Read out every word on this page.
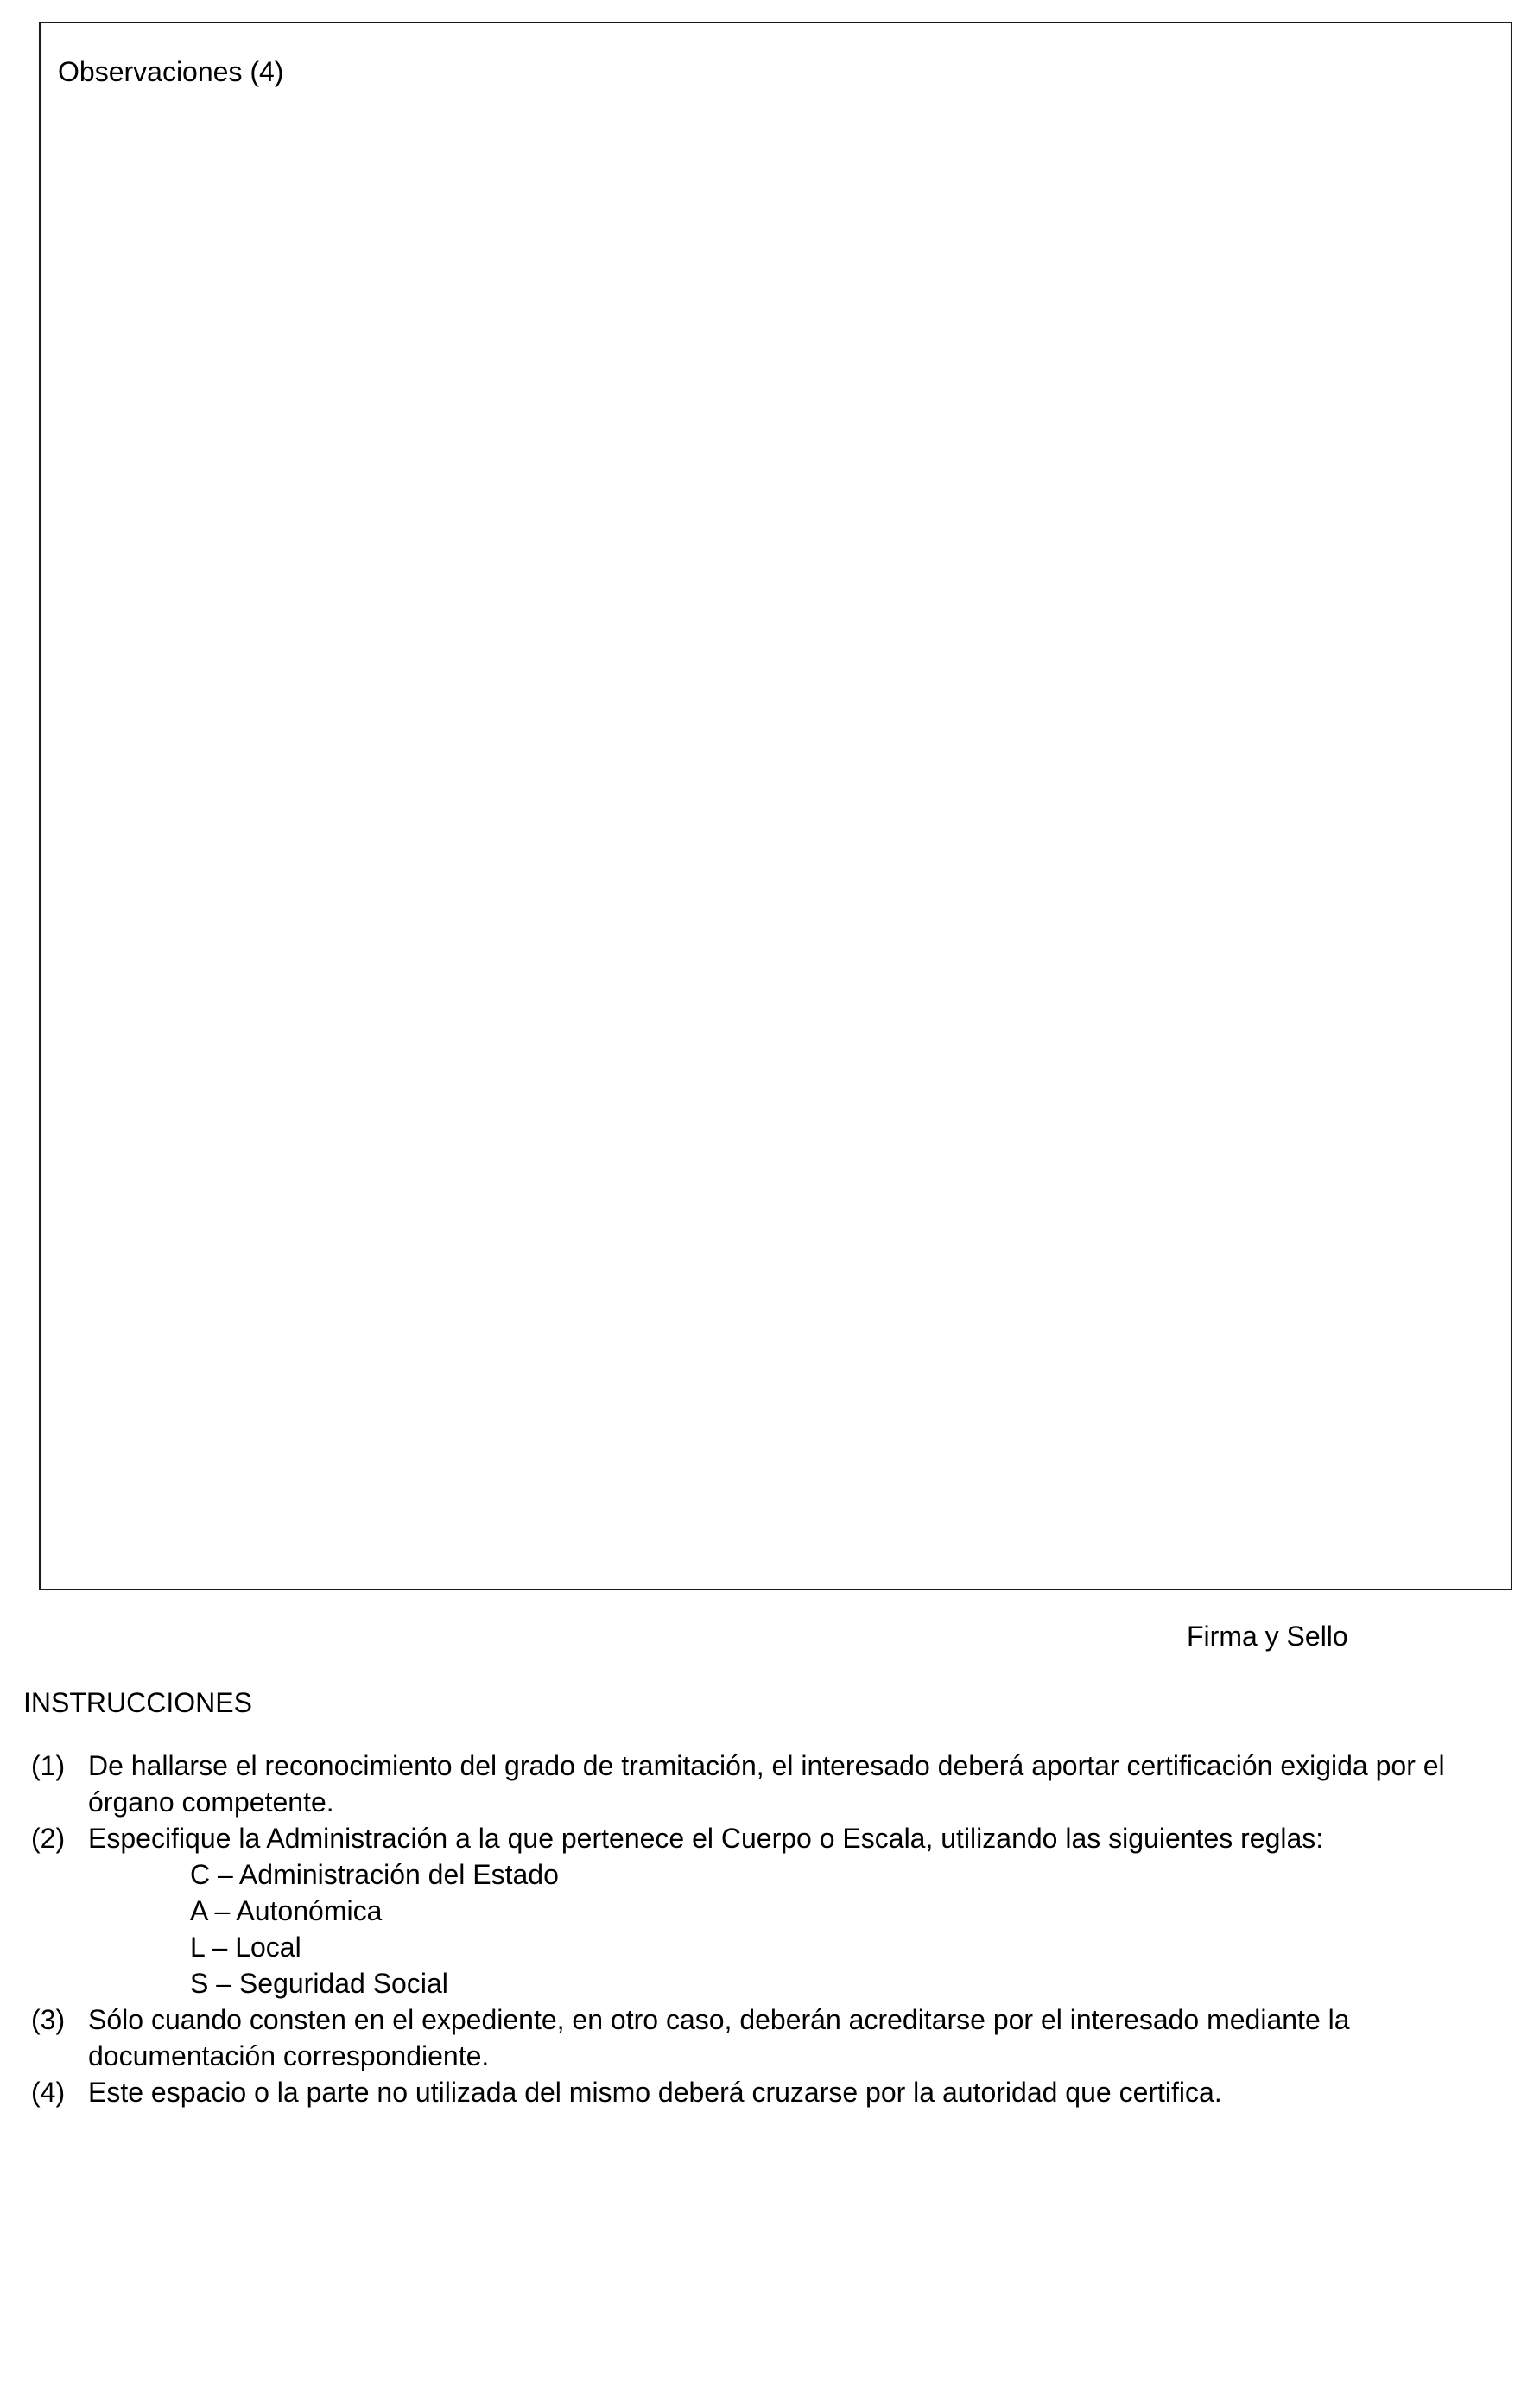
Observaciones (4)
Firma y Sello
INSTRUCCIONES
(1) De hallarse el reconocimiento del grado de tramitación, el interesado deberá aportar certificación exigida por el
órgano competente.
(2) Especifique la Administración a la que pertenece el Cuerpo o Escala, utilizando las siguientes reglas:
C – Administración del Estado
A – Autonómica
L – Local
S – Seguridad Social
(3) Sólo cuando consten en el expediente, en otro caso, deberán acreditarse por el interesado mediante la
documentación correspondiente.
(4) Este espacio o la parte no utilizada del mismo deberá cruzarse por la autoridad que certifica.
